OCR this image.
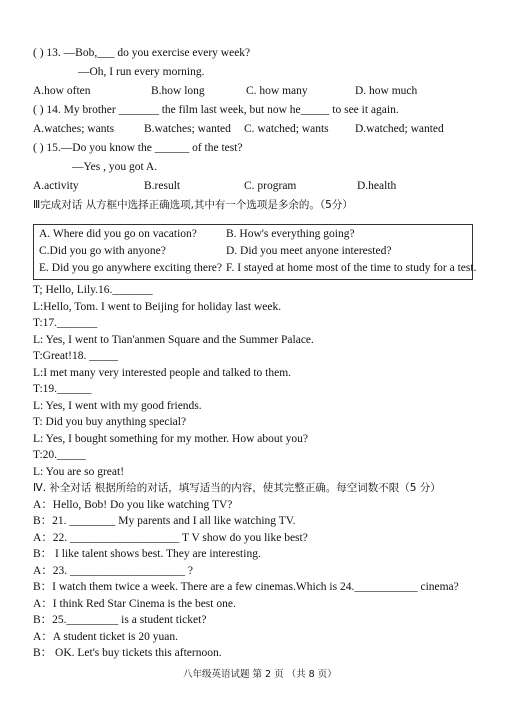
( ) 13. —Bob,___ do you exercise every week?
—Oh, I run every morning.
A.how often	B.how long	C. how many	D. how much
( ) 14. My brother _______ the film last week, but now he_____ to see it again.
A.watches; wants	B.watches; wanted C. watched; wants D.watched; wanted
( ) 15.—Do you know the ______ of the test?
—Yes , you got A.
A.activity	B.result	C. program	D.health
Ⅲ完成对话 从方框中选择正确选项,其中有一个选项是多余的。（5分）
A. Where did you go on vacation?	B. How's everything going?
C.Did you go with anyone?	D. Did you meet anyone interested?
E. Did you go anywhere exciting there? F. I stayed at home most of the time to study for a test.
T; Hello, Lily.16._______
L:Hello, Tom. I went to Beijing for holiday last week.
T:17._______
L: Yes, I went to Tian'anmen Square and the Summer Palace.
T:Great!18. _____
L:I met many very interested people and talked to them.
T:19.______
L: Yes, I went with my good friends.
T: Did you buy anything special?
L: Yes, I bought something for my mother. How about you?
T:20._____
L: You are so great!
Ⅳ. 补全对话 根据所给的对话，填写适当的内容，使其完整正确。每空词数不限（5 分）
A：Hello, Bob! Do you like watching TV?
B：21. ________ My parents and I all like watching TV.
A：22. ___________________ T V show do you like best?
B： I like talent shows best. They are interesting.
A：23. ____________________ ?
B：I watch them twice a week. There are a few cinemas.Which is 24.___________ cinema?
A：I think Red Star Cinema is the best one.
B：25._________ is a student ticket?
A：A student ticket is 20 yuan.
B： OK. Let's buy tickets this afternoon.
八年级英语试题 第 2 页 （共 8 页）
